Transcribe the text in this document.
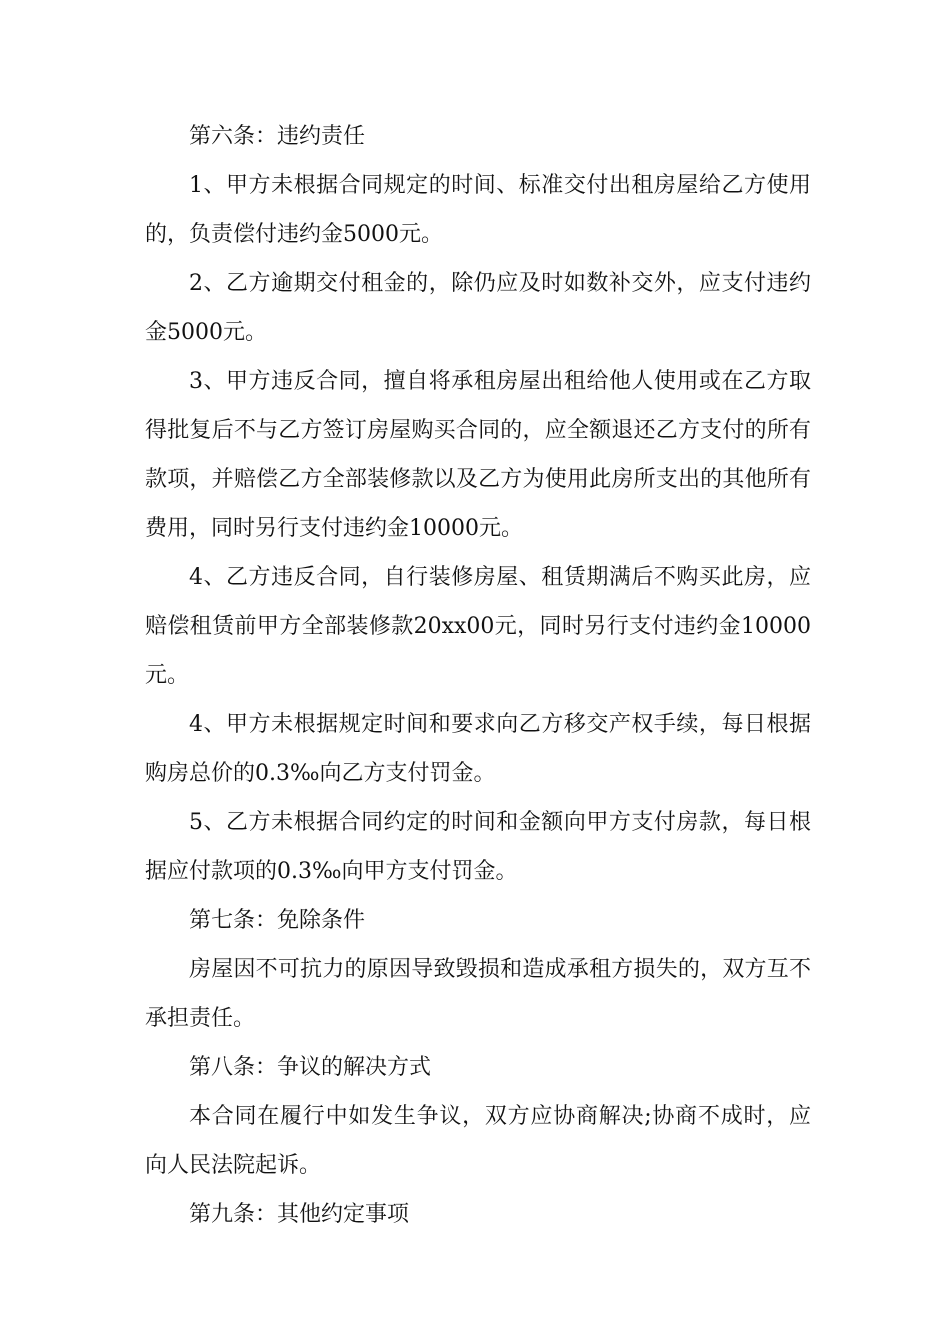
第六条：违约责任

1、甲方未根据合同规定的时间、标准交付出租房屋给乙方使用的，负责偿付违约金5000元。

2、乙方逾期交付租金的，除仍应及时如数补交外，应支付违约金5000元。

3、甲方违反合同，擅自将承租房屋出租给他人使用或在乙方取得批复后不与乙方签订房屋购买合同的，应全额退还乙方支付的所有款项，并赔偿乙方全部装修款以及乙方为使用此房所支出的其他所有费用，同时另行支付违约金10000元。

4、乙方违反合同，自行装修房屋、租赁期满后不购买此房，应赔偿租赁前甲方全部装修款20xx00元，同时另行支付违约金10000元。

4、甲方未根据规定时间和要求向乙方移交产权手续，每日根据购房总价的0.3‰向乙方支付罚金。

5、乙方未根据合同约定的时间和金额向甲方支付房款，每日根据应付款项的0.3‰向甲方支付罚金。

第七条：免除条件

房屋因不可抗力的原因导致毁损和造成承租方损失的，双方互不承担责任。

第八条：争议的解决方式

本合同在履行中如发生争议，双方应协商解决;协商不成时，应向人民法院起诉。

第九条：其他约定事项
